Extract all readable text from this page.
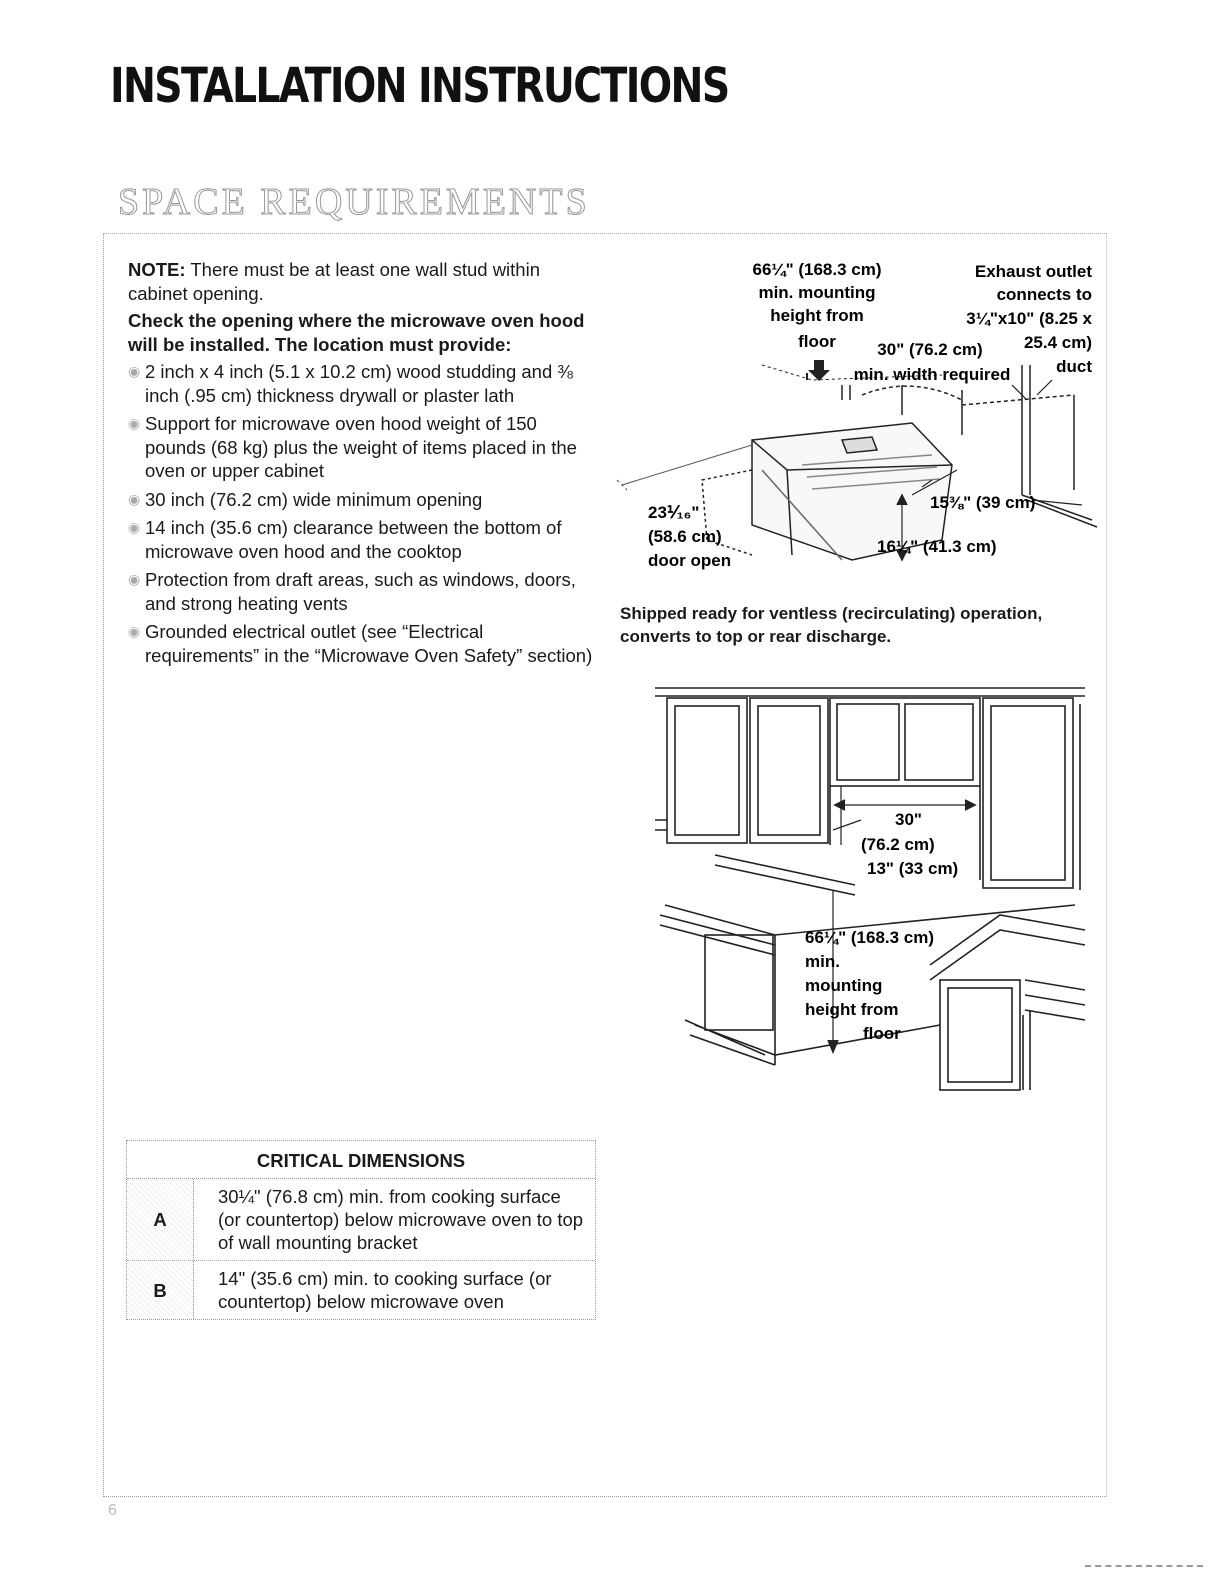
INSTALLATION INSTRUCTIONS
SPACE REQUIREMENTS

NOTE: There must be at least one wall stud within cabinet opening.

Check the opening where the microwave oven hood will be installed. The location must provide:

◉ 2 inch x 4 inch (5.1 x 10.2 cm) wood studding and ⅜ inch (.95 cm) thickness drywall or plaster lath
◉ Support for microwave oven hood weight of 150 pounds (68 kg) plus the weight of items placed in the oven or upper cabinet
◉ 30 inch (76.2 cm) wide minimum opening
◉ 14 inch (35.6 cm) clearance between the bottom of microwave oven hood and the cooktop
◉ Protection from draft areas, such as windows, doors, and strong heating vents
◉ Grounded electrical outlet (see “Electrical requirements” in the “Microwave Oven Safety” section)
66¼" (168.3 cm)
min. mounting
height from
floor
Exhaust outlet
connects to
3¼"x10" (8.25 x
25.4 cm)
duct
30" (76.2 cm)
min. width required
23⅟₁₆"
(58.6 cm)
door open
15⅜" (39 cm)
16¼" (41.3 cm)
Shipped ready for ventless (recirculating) operation, converts to top or rear discharge.
30"
(76.2 cm)
13" (33 cm)
66¼" (168.3 cm)
min.
mounting
height from
floor
CRITICAL DIMENSIONS
A
30¼" (76.8 cm) min. from cooking surface (or countertop) below microwave oven to top of wall mounting bracket
B
14" (35.6 cm) min. to cooking surface (or countertop) below microwave oven
6
